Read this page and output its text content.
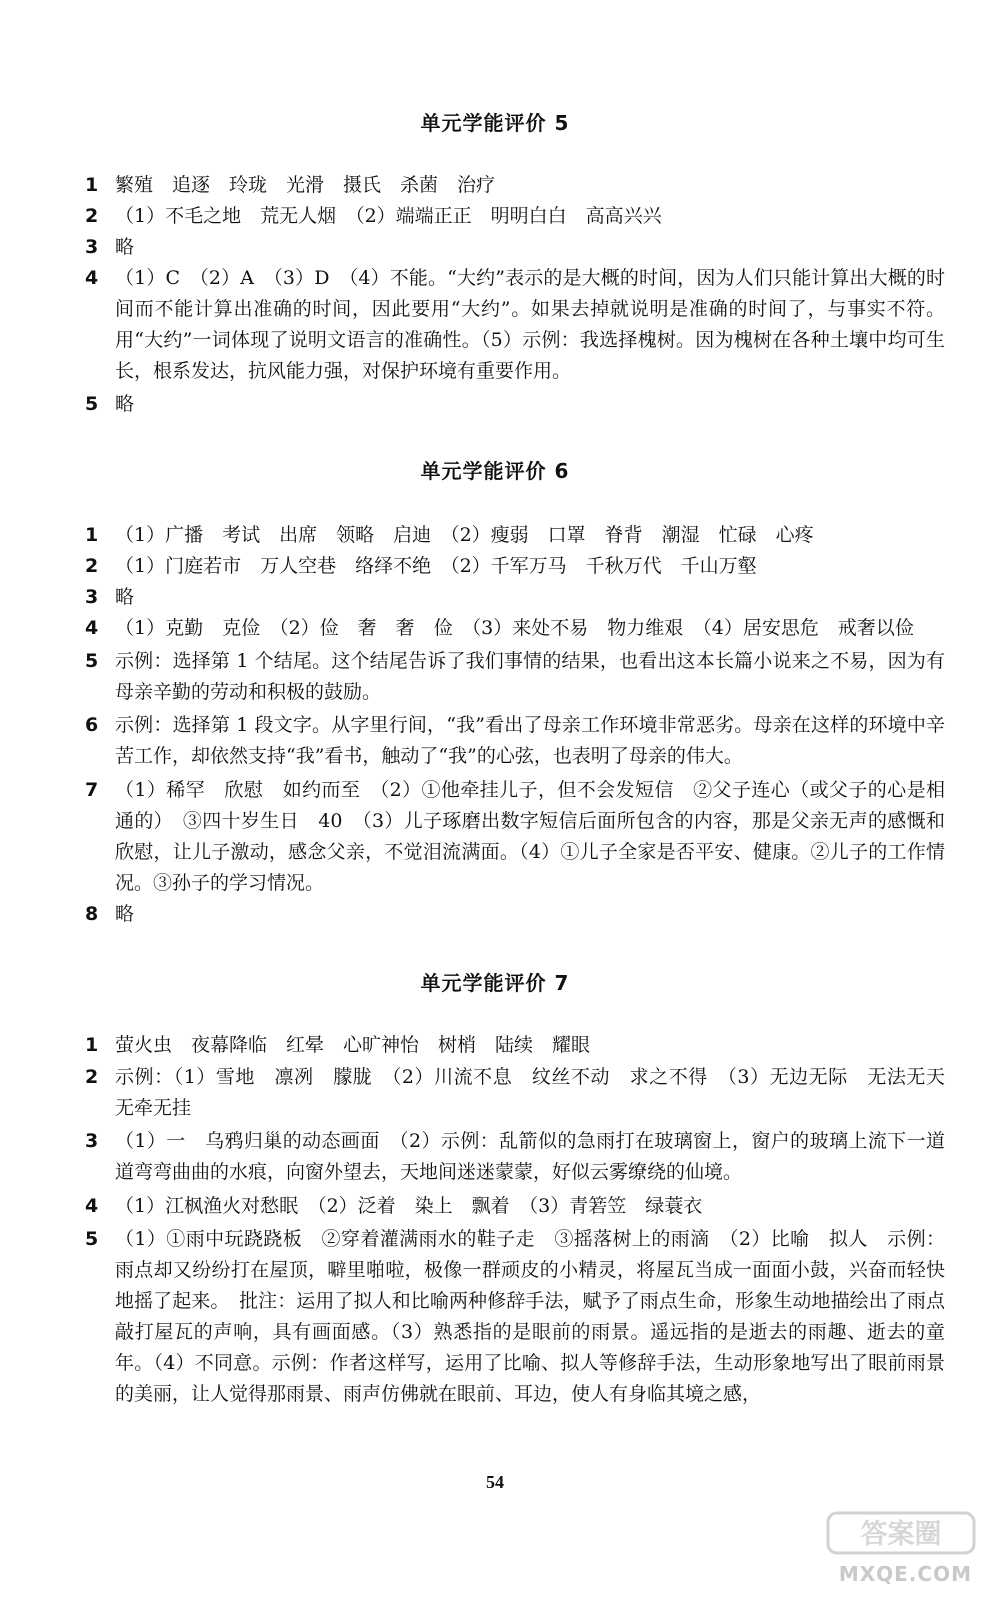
单元学能评价 5
1 繁殖　追逐　玲珑　光滑　摄氏　杀菌　治疗
2 （1）不毛之地　荒无人烟　（2）端端正正　明明白白　高高兴兴
3 略
4 （1）C　（2）A　（3）D　（4）不能。“大约”表示的是大概的时间，因为人们只能计算出大概的时间而不能计算出准确的时间，因此要用“大约”。如果去掉就说明是准确的时间了，与事实不符。用“大约”一词体现了说明文语言的准确性。（5）示例：我选择槐树。因为槐树在各种土壤中均可生长，根系发达，抗风能力强，对保护环境有重要作用。
5 略
单元学能评价 6
1 （1）广播　考试　出席　领略　启迪　（2）瘦弱　口罩　脊背　潮湿　忙碌　心疼
2 （1）门庭若市　万人空巷　络绎不绝　（2）千军万马　千秋万代　千山万壑
3 略
4 （1）克勤　克俭　（2）俭　奢　奢　俭　（3）来处不易　物力维艰　（4）居安思危　戒奢以俭
5 示例：选择第 1 个结尾。这个结尾告诉了我们事情的结果，也看出这本长篇小说来之不易，因为有母亲辛勤的劳动和积极的鼓励。
6 示例：选择第 1 段文字。从字里行间，“我”看出了母亲工作环境非常恶劣。母亲在这样的环境中辛苦工作，却依然支持“我”看书，触动了“我”的心弦，也表明了母亲的伟大。
7 （1）稀罕　欣慰　如约而至　（2）①他牵挂儿子，但不会发短信　②父子连心（或父子的心是相通的）　③四十岁生日　40　（3）儿子琢磨出数字短信后面所包含的内容，那是父亲无声的感慨和欣慰，让儿子激动，感念父亲，不觉泪流满面。（4）①儿子全家是否平安、健康。②儿子的工作情况。③孙子的学习情况。
8 略
单元学能评价 7
1 萤火虫　夜幕降临　红晕　心旷神怡　树梢　陆续　耀眼
2 示例：（1）雪地　凛冽　朦胧　（2）川流不息　纹丝不动　求之不得　（3）无边无际　无法无天　无牵无挂
3 （1）一　乌鸦归巢的动态画面　（2）示例：乱箭似的急雨打在玻璃窗上，窗户的玻璃上流下一道道弯弯曲曲的水痕，向窗外望去，天地间迷迷蒙蒙，好似云雾缭绕的仙境。
4 （1）江枫渔火对愁眠　（2）泛着　染上　飘着　（3）青箬笠　绿蓑衣
5 （1）①雨中玩跷跷板　②穿着灌满雨水的鞋子走　③摇落树上的雨滴　（2）比喻　拟人　示例：雨点却又纷纷打在屋顶，噼里啪啦，极像一群顽皮的小精灵，将屋瓦当成一面面小鼓，兴奋而轻快地摇了起来。　批注：运用了拟人和比喻两种修辞手法，赋予了雨点生命，形象生动地描绘出了雨点敲打屋瓦的声响，具有画面感。（3）熟悉指的是眼前的雨景。遥远指的是逝去的雨趣、逝去的童年。（4）不同意。示例：作者这样写，运用了比喻、拟人等修辞手法，生动形象地写出了眼前雨景的美丽，让人觉得那雨景、雨声仿佛就在眼前、耳边，使人有身临其境之感，
54
答案圈
MXQE.COM
